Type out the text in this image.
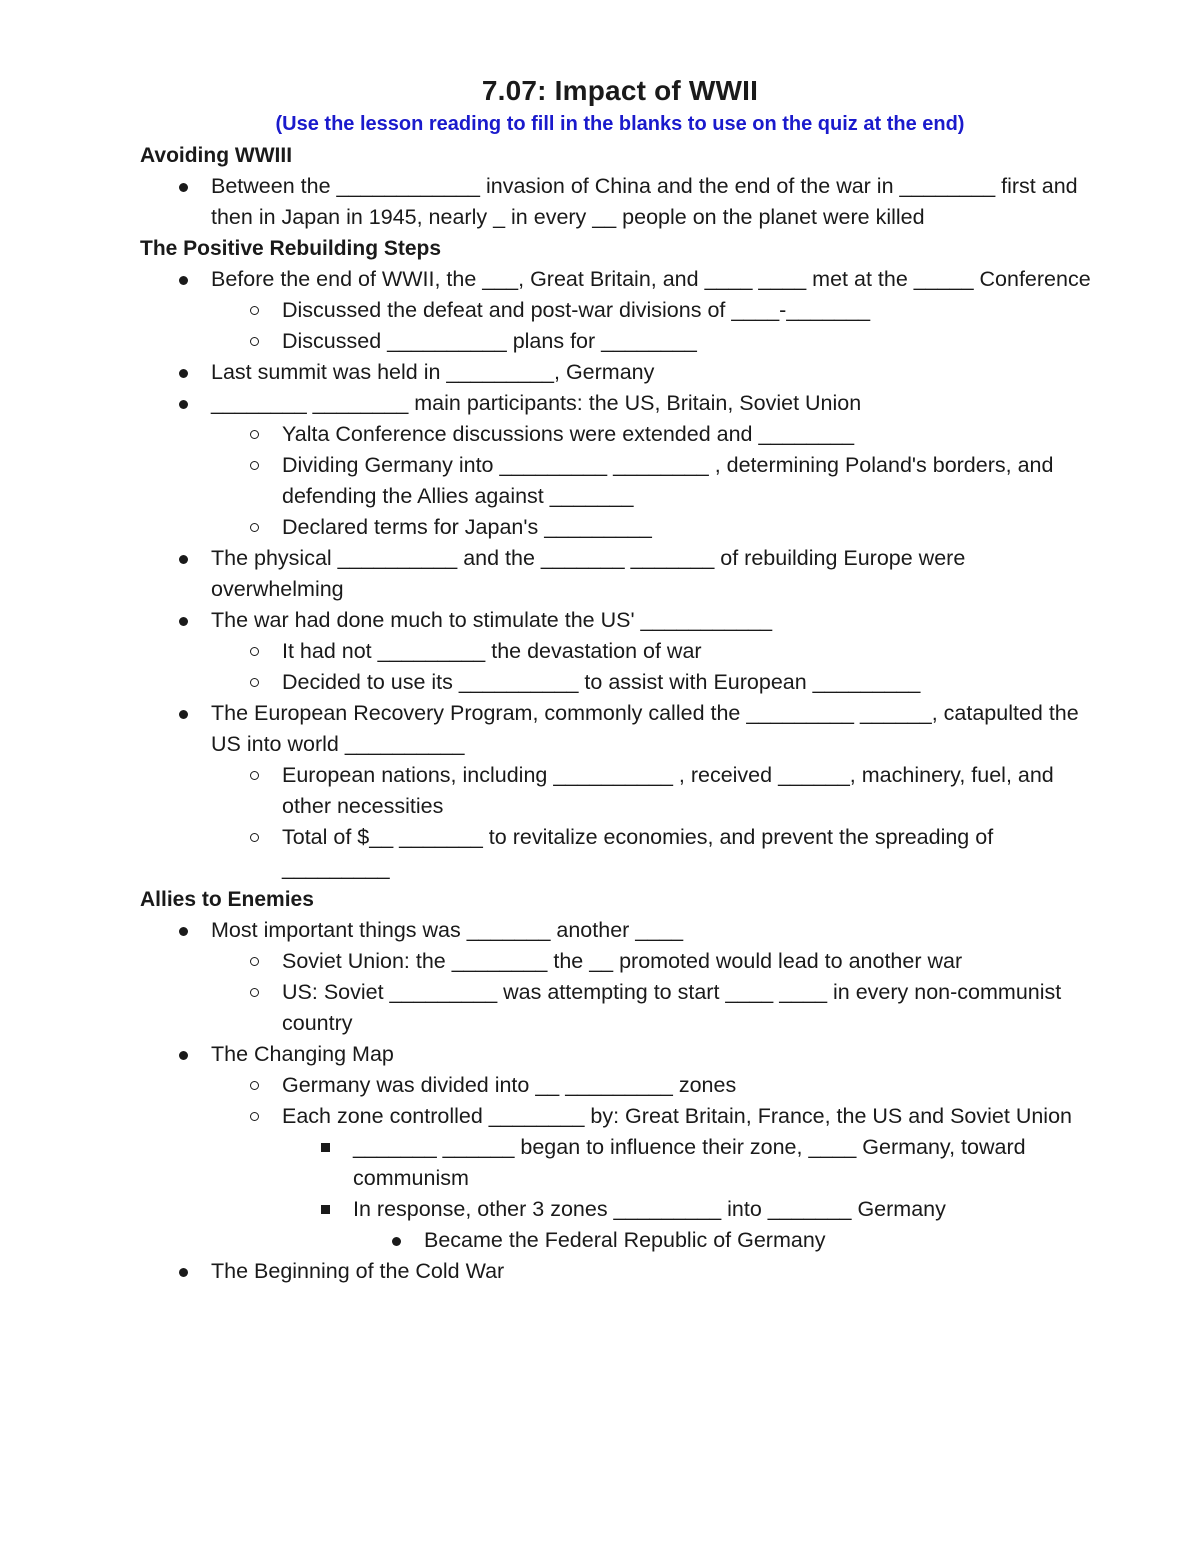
7.07: Impact of WWII
(Use the lesson reading to fill in the blanks to use on the quiz at the end)
Avoiding WWIII
Between the ____________ invasion of China and the end of the war in ________ first and then in Japan in 1945, nearly _ in every __ people on the planet were killed
The Positive Rebuilding Steps
Before the end of WWII, the ___, Great Britain, and ____ ____ met at the _____ Conference
Discussed the defeat and post-war divisions of ____-_______
Discussed __________ plans for ________
Last summit was held in _________, Germany
________ ________ main participants: the US, Britain, Soviet Union
Yalta Conference discussions were extended and ________
Dividing Germany into _________ ________ , determining Poland's borders, and defending the Allies against _______
Declared terms for Japan's _________
The physical __________ and the _______ _______ of rebuilding Europe were overwhelming
The war had done much to stimulate the US' ___________
It had not _________ the devastation of war
Decided to use its __________ to assist with European _________
The European Recovery Program, commonly called the _________ ______, catapulted the US into world __________
European nations, including __________ , received ______, machinery, fuel, and other necessities
Total of $__ _______ to revitalize economies, and prevent the spreading of _________
Allies to Enemies
Most important things was _______ another ____
Soviet Union: the ________ the __ promoted would lead to another war
US: Soviet _________ was attempting to start ____ ____ in every non-communist country
The Changing Map
Germany was divided into __ _________ zones
Each zone controlled ________ by: Great Britain, France, the US and Soviet Union
_______ ______ began to influence their zone, ____ Germany, toward communism
In response, other 3 zones _________ into _______ Germany
Became the Federal Republic of Germany
The Beginning of the Cold War
